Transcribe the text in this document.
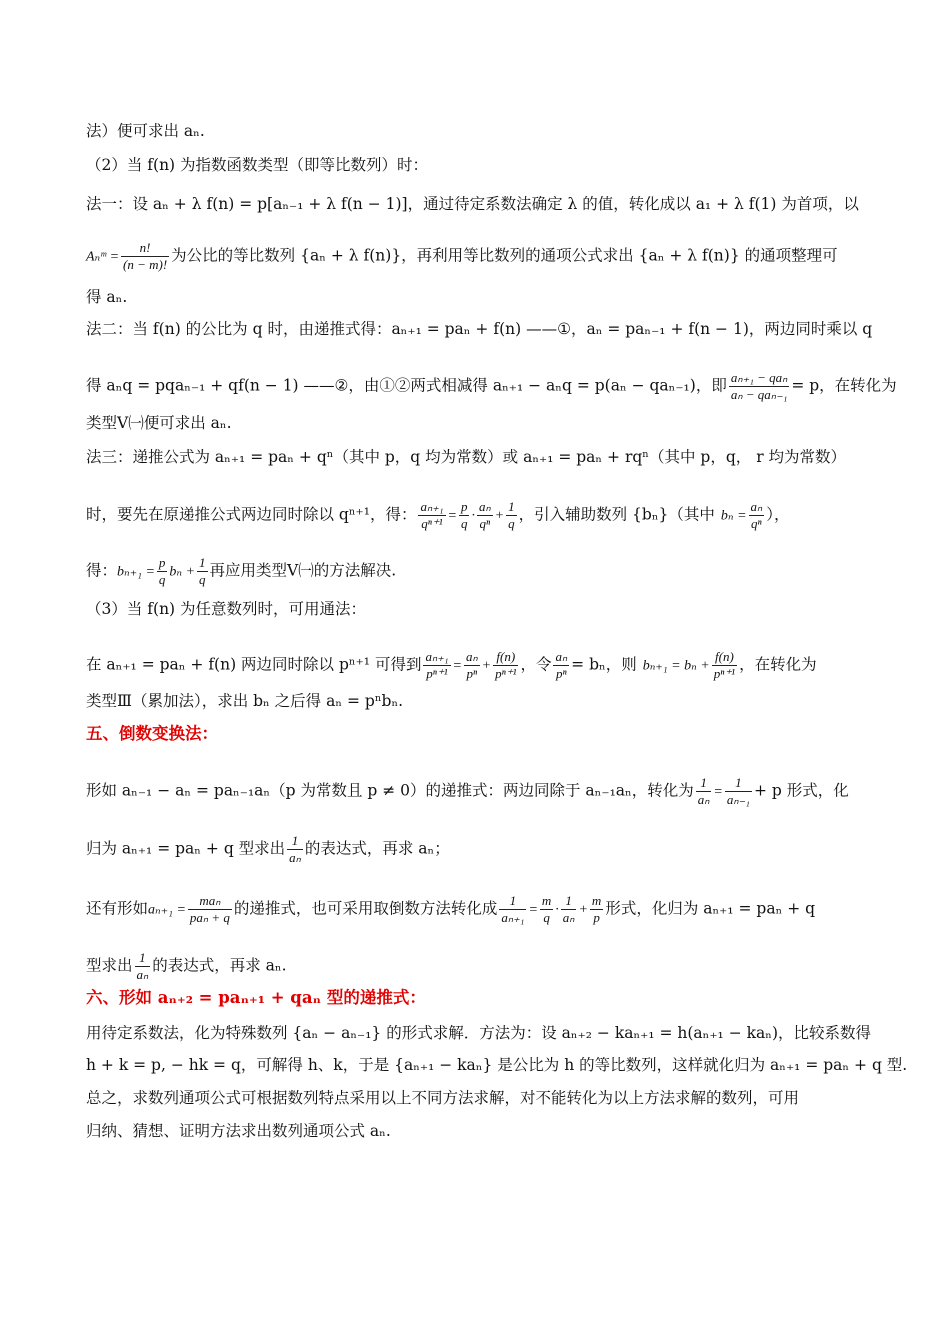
法）便可求出 aₙ.
（2）当 f(n) 为指数函数类型（即等比数列）时：
法一：设 aₙ + λ f(n) = p[aₙ₋₁ + λ f(n − 1)]，通过待定系数法确定 λ 的值，转化成以 a₁ + λ f(1) 为首项，以
Aₙᵐ = $\frac{n!}{(n - m)!}$ 为公比的等比数列 {aₙ + λ f(n)}，再利用等比数列的通项公式求出 {aₙ + λ f(n)} 的通项整理可
得 aₙ.
法二：当 f(n) 的公比为 q 时，由递推式得：aₙ₊₁ = paₙ + f(n) ——①，aₙ = paₙ₋₁ + f(n − 1)，两边同时乘以 q
得 aₙq = pqaₙ₋₁ + qf(n − 1) ——②，由①②两式相减得 aₙ₊₁ − aₙq = p(aₙ − qaₙ₋₁)，即 $\frac{\text{aₙ₊₁ − qaₙ}}{\text{aₙ − qaₙ₋₁}} = p$，在转化为
类型Ⅴ㈠便可求出 aₙ.
法三：递推公式为 aₙ₊₁ = paₙ + qⁿ（其中 p，q 均为常数）或 aₙ₊₁ = paₙ + rqⁿ（其中 p，q， r 均为常数）
时，要先在原递推公式两边同时除以 qⁿ⁺¹，得： $\frac{\text{aₙ₊₁}}{\text{qⁿ⁺¹}} = \frac{p}{q} \cdot \frac{\text{aₙ}}{\text{qⁿ}} + \frac{1}{q}$ ，引入辅助数列 {bₙ}（其中 $b_n = \frac{\text{aₙ}}{\text{qⁿ}}$ ），
得：$b_{n+1} = \frac{p}{q}$ $b_n + \frac{1}{q}$ 再应用类型Ⅴ㈠的方法解决.
（3）当 f(n) 为任意数列时，可用通法：
在 aₙ₊₁ = paₙ + f(n) 两边同时除以 pⁿ⁺¹ 可得到 $\frac{\text{aₙ₊₁}}{\text{pⁿ⁺¹}} = \frac{\text{aₙ}}{\text{pⁿ}} + \frac{f(n)}{\text{pⁿ⁺¹}}$ ，令 $\frac{\text{aₙ}}{\text{pⁿ}} = b_n$，则 $b_{n+1} = b_n + \frac{f(n)}{\text{pⁿ⁺¹}}$ ，在转化为
类型Ⅲ（累加法），求出 bₙ 之后得 aₙ = pⁿbₙ.
五、倒数变换法：
形如 aₙ₋₁ − aₙ = paₙ₋₁aₙ（p 为常数且 p ≠ 0）的递推式：两边同除于 aₙ₋₁aₙ，转化为 $\frac{1}{\text{aₙ}} = \frac{1}{\text{aₙ₋₁}} + p$ 形式，化
归为 aₙ₊₁ = paₙ + q 型求出 $\frac{1}{\text{aₙ}}$ 的表达式，再求 aₙ；
还有形如$a_{n+1} = \frac{\text{maₙ}}{\text{paₙ + q}}$ 的递推式，也可采用取倒数方法转化成 $\frac{1}{\text{aₙ₊₁}} = \frac{m}{q} \cdot \frac{1}{\text{aₙ}} + \frac{m}{p}$ 形式，化归为 aₙ₊₁ = paₙ + q
型求出 $\frac{1}{\text{aₙ}}$ 的表达式，再求 aₙ.
六、形如 aₙ₊₂ = paₙ₊₁ + qaₙ 型的递推式：
用待定系数法，化为特殊数列 {aₙ − aₙ₋₁} 的形式求解．方法为：设 aₙ₊₂ − kaₙ₊₁ = h(aₙ₊₁ − kaₙ)，比较系数得
h + k = p, − hk = q，可解得 h、k，于是 {aₙ₊₁ − kaₙ} 是公比为 h 的等比数列，这样就化归为 aₙ₊₁ = paₙ + q 型.
总之，求数列通项公式可根据数列特点采用以上不同方法求解，对不能转化为以上方法求解的数列，可用
归纳、猜想、证明方法求出数列通项公式 aₙ.
